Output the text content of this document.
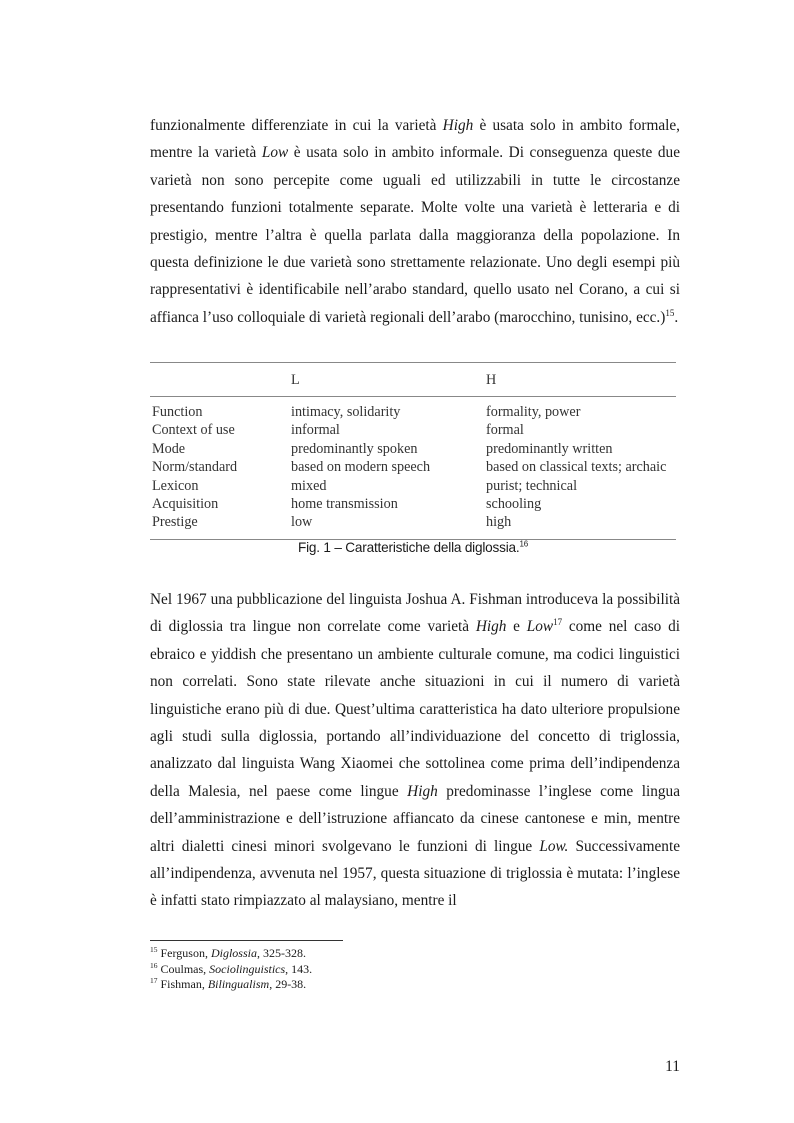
funzionalmente differenziate in cui la varietà High è usata solo in ambito formale, mentre la varietà Low è usata solo in ambito informale. Di conseguenza queste due varietà non sono percepite come uguali ed utilizzabili in tutte le circostanze presentando funzioni totalmente separate. Molte volte una varietà è letteraria e di prestigio, mentre l’altra è quella parlata dalla maggioranza della popolazione. In questa definizione le due varietà sono strettamente relazionate. Uno degli esempi più rappresentativi è identificabile nell’arabo standard, quello usato nel Corano, a cui si affianca l’uso colloquiale di varietà regionali dell’arabo (marocchino, tunisino, ecc.)$^{15}$.

	L	H
Function	intimacy, solidarity	formality, power
Context of use	informal	formal
Mode	predominantly spoken	predominantly written
Norm/standard	based on modern speech	based on classical texts; archaic
Lexicon	mixed	purist; technical
Acquisition	home transmission	schooling
Prestige	low	high
Fig. 1 – Caratteristiche della diglossia.$^{16}$

Nel 1967 una pubblicazione del linguista Joshua A. Fishman introduceva la possibilità di diglossia tra lingue non correlate come varietà High e Low$^{17}$ come nel caso di ebraico e yiddish che presentano un ambiente culturale comune, ma codici linguistici non correlati. Sono state rilevate anche situazioni in cui il numero di varietà linguistiche erano più di due. Quest’ultima caratteristica ha dato ulteriore propulsione agli studi sulla diglossia, portando all’individuazione del concetto di triglossia, analizzato dal linguista Wang Xiaomei che sottolinea come prima dell’indipendenza della Malesia, nel paese come lingue High predominasse l’inglese come lingua dell’amministrazione e dell’istruzione affiancato da cinese cantonese e min, mentre altri dialetti cinesi minori svolgevano le funzioni di lingue Low. Successivamente all’indipendenza, avvenuta nel 1957, questa situazione di triglossia è mutata: l’inglese è infatti stato rimpiazzato al malaysiano, mentre il

$^{15}$ Ferguson, Diglossia, 325-328.

$^{16}$ Coulmas, Sociolinguistics, 143.

$^{17}$ Fishman, Bilingualism, 29-38.

11
